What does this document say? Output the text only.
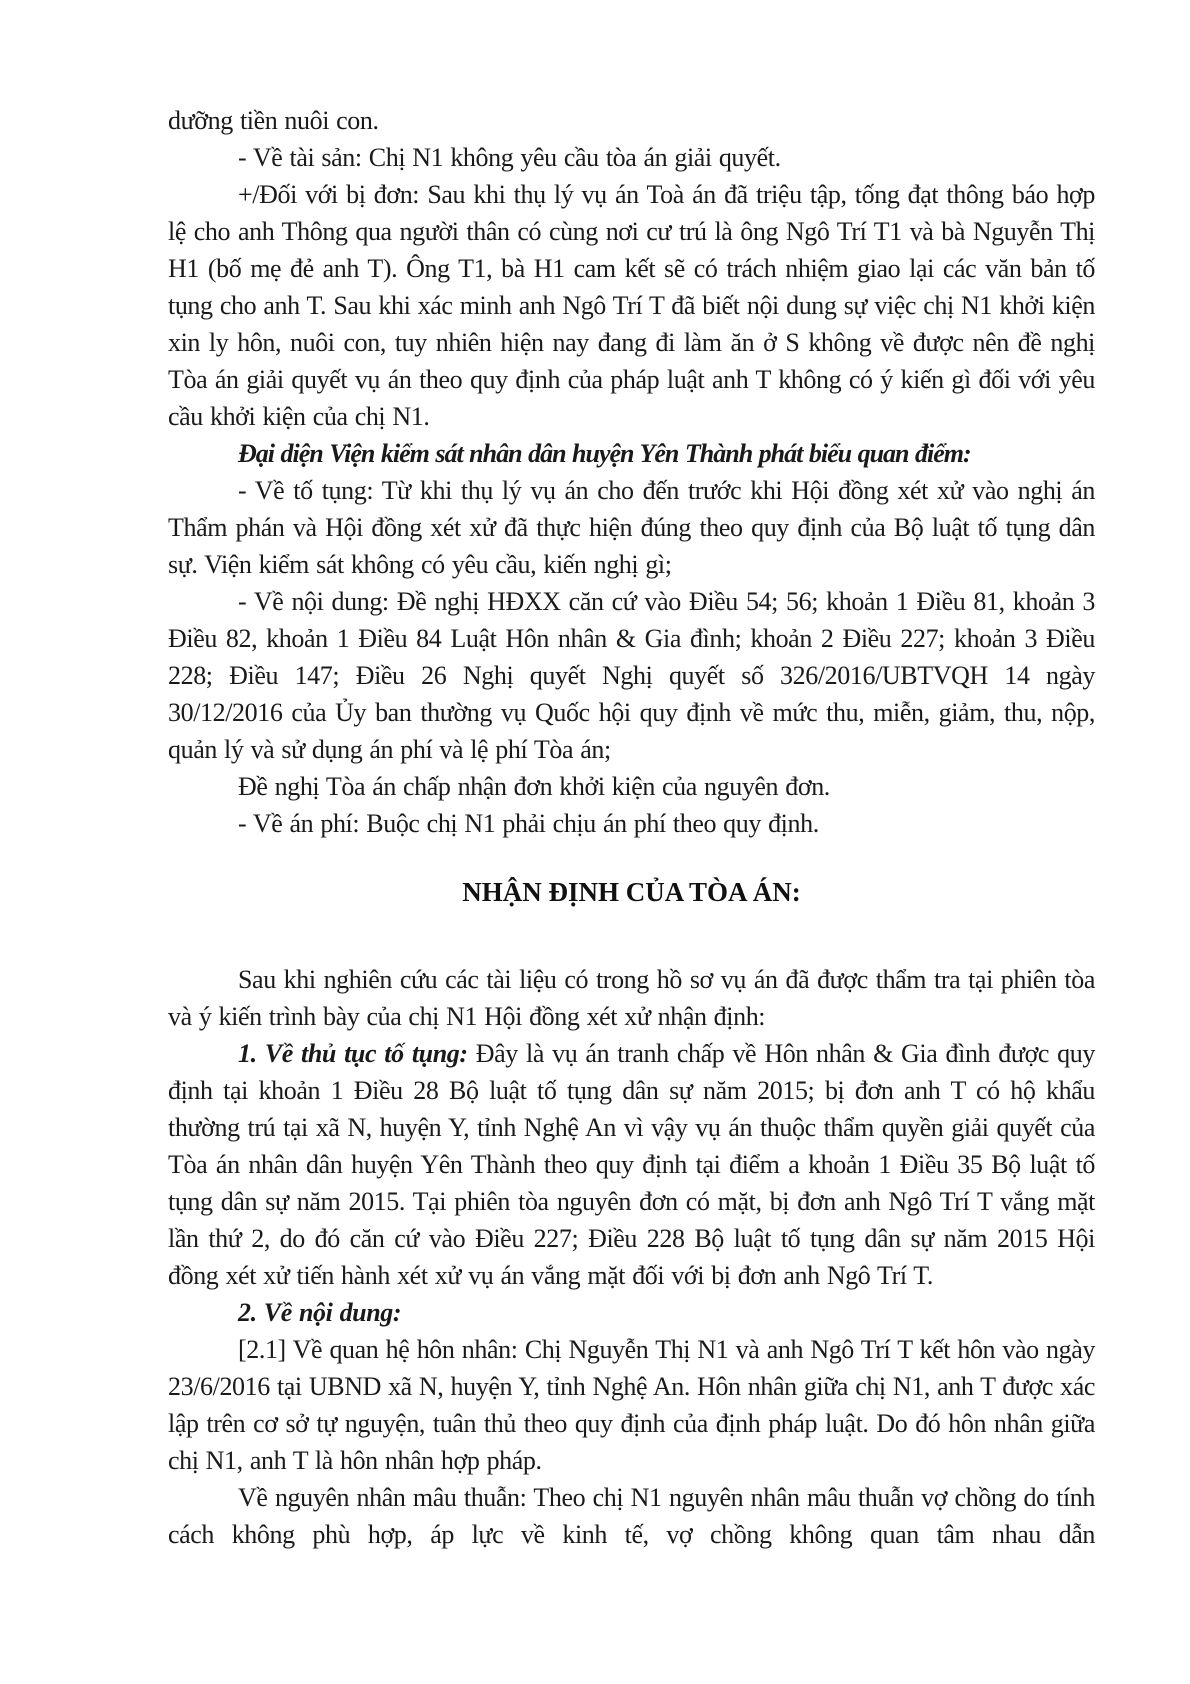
dưỡng tiền nuôi con.

- Về tài sản: Chị N1 không yêu cầu tòa án giải quyết.

+/Đối với bị đơn: Sau khi thụ lý vụ án Toà án đã triệu tập, tống đạt thông báo hợp lệ cho anh Thông qua người thân có cùng nơi cư trú là ông Ngô Trí T1 và bà Nguyễn Thị H1 (bố mẹ đẻ anh T). Ông T1, bà H1 cam kết sẽ có trách nhiệm giao lại các văn bản tố tụng cho anh T. Sau khi xác minh anh Ngô Trí T đã biết nội dung sự việc chị N1 khởi kiện xin ly hôn, nuôi con, tuy nhiên hiện nay đang đi làm ăn ở S không về được nên đề nghị Tòa án giải quyết vụ án theo quy định của pháp luật anh T không có ý kiến gì đối với yêu cầu khởi kiện của chị N1.

Đại diện Viện kiểm sát nhân dân huyện Yên Thành phát biểu quan điểm:

- Về tố tụng: Từ khi thụ lý vụ án cho đến trước khi Hội đồng xét xử vào nghị án Thẩm phán và Hội đồng xét xử đã thực hiện đúng theo quy định của Bộ luật tố tụng dân sự. Viện kiểm sát không có yêu cầu, kiến nghị gì;

- Về nội dung: Đề nghị HĐXX căn cứ vào Điều 54; 56; khoản 1 Điều 81, khoản 3 Điều 82, khoản 1 Điều 84 Luật Hôn nhân & Gia đình; khoản 2 Điều 227; khoản 3 Điều 228; Điều 147; Điều 26 Nghị quyết Nghị quyết số 326/2016/UBTVQH 14 ngày 30/12/2016 của Ủy ban thường vụ Quốc hội quy định về mức thu, miễn, giảm, thu, nộp, quản lý và sử dụng án phí và lệ phí Tòa án;

Đề nghị Tòa án chấp nhận đơn khởi kiện của nguyên đơn.

- Về án phí: Buộc chị N1 phải chịu án phí theo quy định.

NHẬN ĐỊNH CỦA TÒA ÁN:

Sau khi nghiên cứu các tài liệu có trong hồ sơ vụ án đã được thẩm tra tại phiên tòa và ý kiến trình bày của chị N1 Hội đồng xét xử nhận định:

1. Về thủ tục tố tụng: Đây là vụ án tranh chấp về Hôn nhân & Gia đình được quy định tại khoản 1 Điều 28 Bộ luật tố tụng dân sự năm 2015; bị đơn anh T có hộ khẩu thường trú tại xã N, huyện Y, tỉnh Nghệ An vì vậy vụ án thuộc thẩm quyền giải quyết của Tòa án nhân dân huyện Yên Thành theo quy định tại điểm a khoản 1 Điều 35 Bộ luật tố tụng dân sự năm 2015. Tại phiên tòa nguyên đơn có mặt, bị đơn anh Ngô Trí T vắng mặt lần thứ 2, do đó căn cứ vào Điều 227; Điều 228 Bộ luật tố tụng dân sự năm 2015 Hội đồng xét xử tiến hành xét xử vụ án vắng mặt đối với bị đơn anh Ngô Trí T.

2. Về nội dung:

[2.1] Về quan hệ hôn nhân: Chị Nguyễn Thị N1 và anh Ngô Trí T kết hôn vào ngày 23/6/2016 tại UBND xã N, huyện Y, tỉnh Nghệ An. Hôn nhân giữa chị N1, anh T được xác lập trên cơ sở tự nguyện, tuân thủ theo quy định của định pháp luật. Do đó hôn nhân giữa chị N1, anh T là hôn nhân hợp pháp.

Về nguyên nhân mâu thuẫn: Theo chị N1 nguyên nhân mâu thuẫn vợ chồng do tính cách không phù hợp, áp lực về kinh tế, vợ chồng không quan tâm nhau dẫn
